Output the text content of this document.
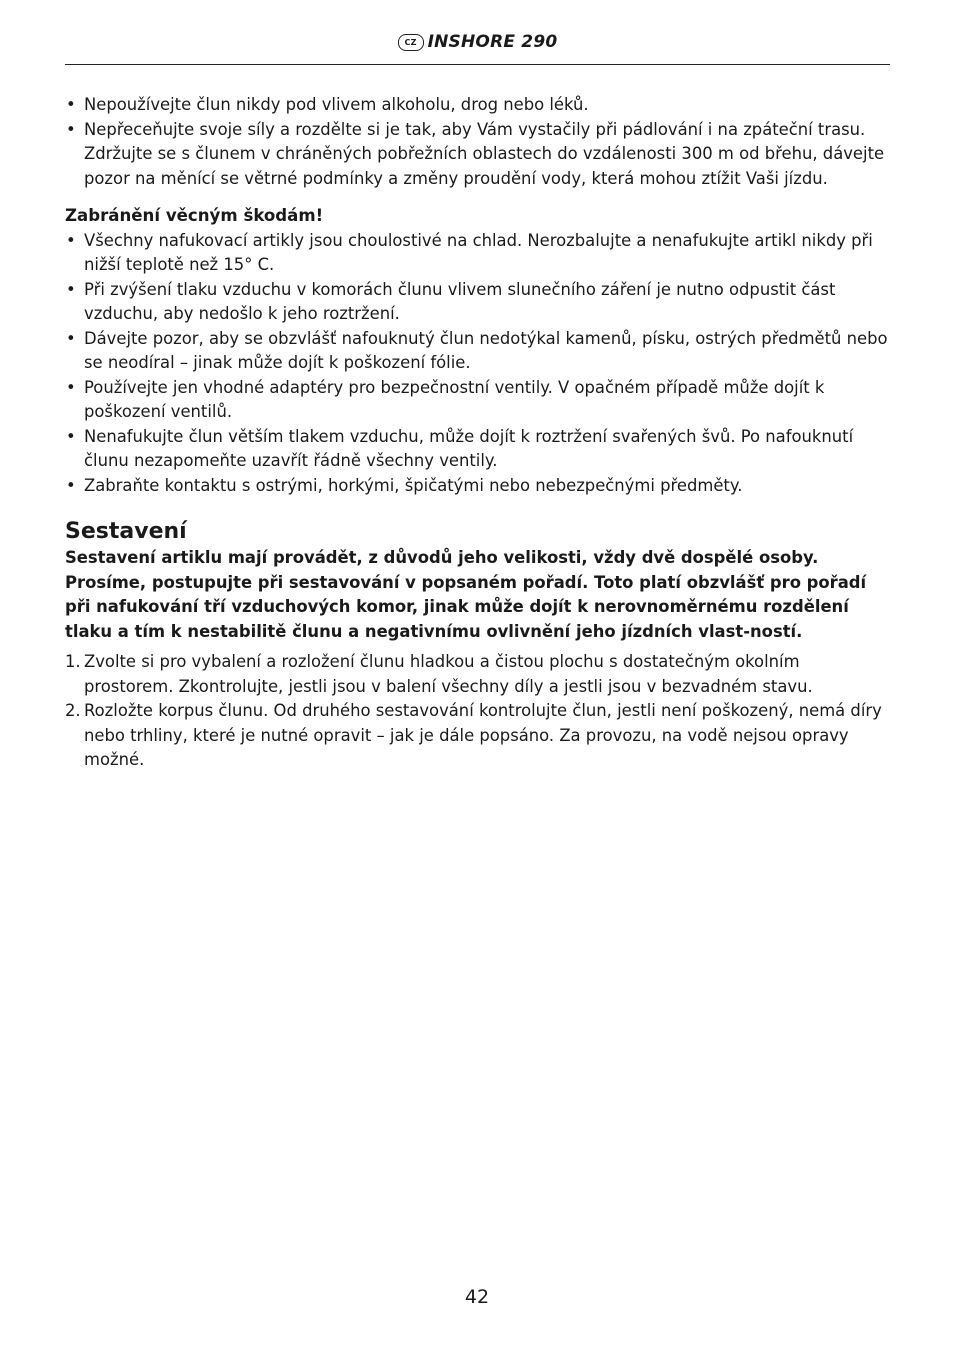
CZ INSHORE 290
• Nepoužívejte člun nikdy pod vlivem alkoholu, drog nebo léků.
• Nepřeceňujte svoje síly a rozdělte si je tak, aby Vám vystačily při pádlování i na zpáteční trasu. Zdržujte se s člunem v chráněných pobřežních oblastech do vzdálenosti 300 m od břehu, dávejte pozor na měnící se větrné podmínky a změny proudění vody, která mohou ztížit Vaši jízdu.
Zabránění věcným škodám!
• Všechny nafukovací artikly jsou choulostivé na chlad. Nerozbalujte a nenafukujte artikl nikdy při nižší teplotě než 15° C.
• Při zvýšení tlaku vzduchu v komorách člunu vlivem slunečního záření je nutno odpustit část vzduchu, aby nedošlo k jeho roztržení.
• Dávejte pozor, aby se obzvlášť nafouknutý člun nedotýkal kamenů, písku, ostrých předmětů nebo se neodíral – jinak může dojít k poškození fólie.
• Používejte jen vhodné adaptéry pro bezpečnostní ventily. V opačném případě může dojít k poškození ventilů.
• Nenafukujte člun větším tlakem vzduchu, může dojít k roztržení svařených švů. Po nafouknutí člunu nezapomeňte uzavřít řádně všechny ventily.
• Zabraňte kontaktu s ostrými, horkými, špičatými nebo nebezpečnými předměty.
Sestavení

Sestavení artiklu mají provádět, z důvodů jeho velikosti, vždy dvě dospělé osoby. Prosíme, postupujte při sestavování v popsaném pořadí. Toto platí obzvlášť pro pořadí při nafukování tří vzduchových komor, jinak může dojít k nerovnoměrnému rozdělení tlaku a tím k nestabilitě člunu a negativnímu ovlivnění jeho jízdních vlast-ností.

1. Zvolte si pro vybalení a rozložení člunu hladkou a čistou plochu s dostatečným okolním prostorem. Zkontrolujte, jestli jsou v balení všechny díly a jestli jsou v bezvadném stavu.
2. Rozložte korpus člunu. Od druhého sestavování kontrolujte člun, jestli není poškozený, nemá díry nebo trhliny, které je nutné opravit – jak je dále popsáno. Za provozu, na vodě nejsou opravy možné.
42
